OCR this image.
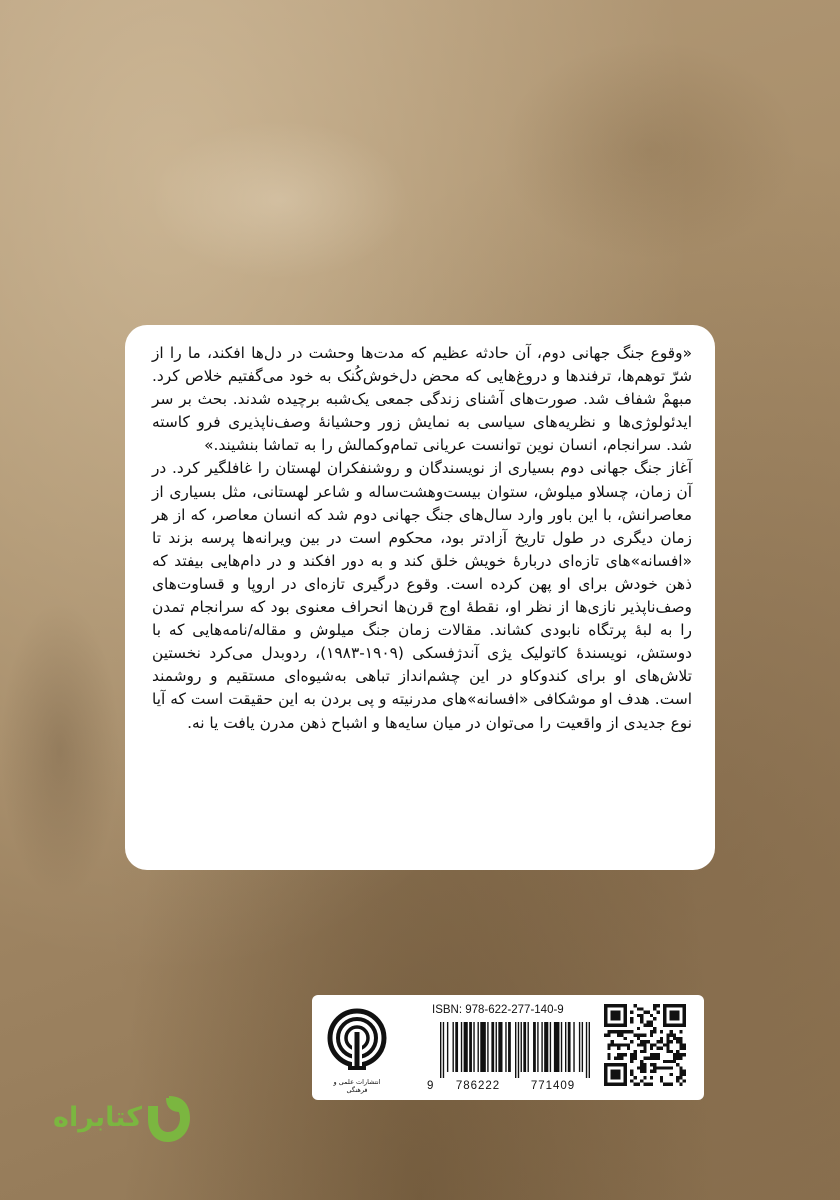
«وقوع جنگ جهانی دوم، آن حادثه عظیم که مدت‌ها وحشت در دل‌ها افکند، ما را از شرّ توهم‌ها، ترفندها و دروغ‌هایی که محض دل‌خوش‌کُنک به خود می‌گفتیم خلاص کرد. مبهمْ شفاف شد. صورت‌های آشنای زندگی جمعی یک‌شبه برچیده شدند. بحث بر سر ایدئولوژی‌ها و نظریه‌های سیاسی به نمایش زور وحشیانهٔ وصف‌ناپذیری فرو کاسته شد. سرانجام، انسان نوین توانست عریانی تمام‌وکمالش را به تماشا بنشیند.»

آغاز جنگ جهانی دوم بسیاری از نویسندگان و روشنفکران لهستان را غافلگیر کرد. در آن زمان، چسلاو میلوش، ستوان بیست‌وهشت‌ساله و شاعر لهستانی، مثل بسیاری از معاصرانش، با این باور وارد سال‌های جنگ جهانی دوم شد که انسان معاصر، که از هر زمان دیگری در طول تاریخ آزادتر بود، محکوم است در بین ویرانه‌ها پرسه بزند تا «افسانه»های تازه‌ای دربارهٔ خویش خلق کند و به دور افکند و در دام‌هایی بیفتد که ذهن خودش برای او پهن کرده است. وقوع درگیری تازه‌ای در اروپا و قساوت‌های وصف‌ناپذیر نازی‌ها از نظر او، نقطهٔ اوج قرن‌ها انحراف معنوی بود که سرانجام تمدن را به لبهٔ پرتگاه نابودی کشاند. مقالات زمان جنگ میلوش و مقاله/نامه‌هایی که با دوستش، نویسندهٔ کاتولیک یژی آندژفسکی (۱۹۰۹-۱۹۸۳)، ردوبدل می‌کرد نخستین تلاش‌های او برای کندوکاو در این چشم‌انداز تباهی به‌شیوه‌ای مستقیم و روشمند است. هدف او موشکافی «افسانه»های مدرنیته و پی بردن به این حقیقت است که آیا نوع جدیدی از واقعیت را می‌توان در میان سایه‌ها و اشباح ذهن مدرن یافت یا نه.

انتشارات علمی و فرهنگی
ISBN: 978-622-277-140-9
9	786222	771409
كتابراه
